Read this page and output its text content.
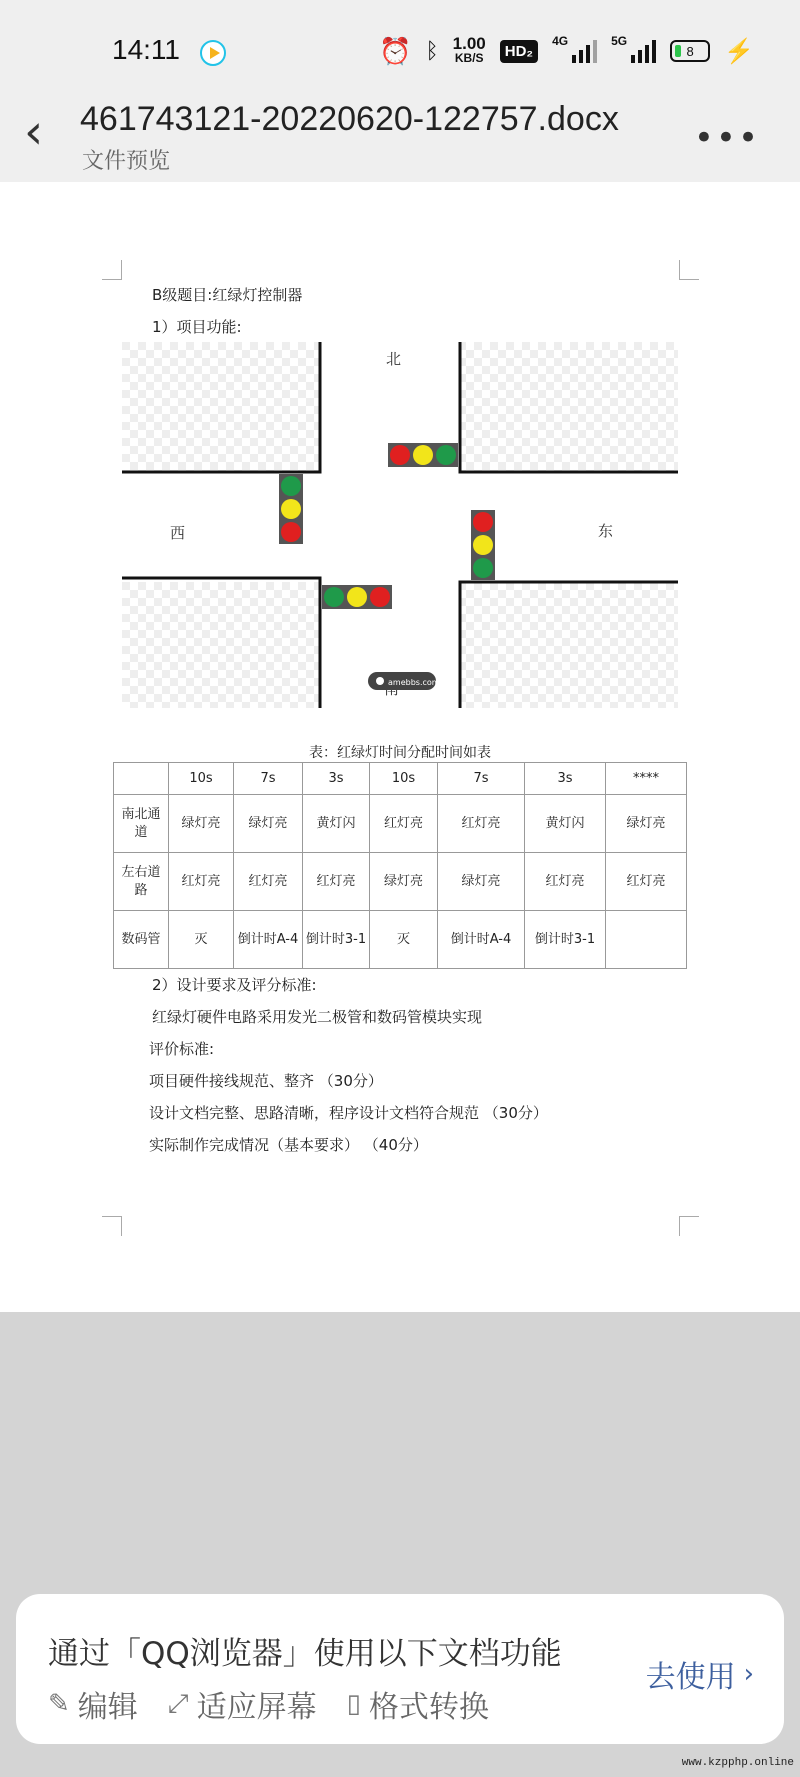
14:11	⏰ ᛒ 1.00
KB/S	HD₂
4G	5G
8 ⚡
‹	461743121-20220620-122757.docx
文件预览
•••
B级题目:红绿灯控制器
1）项目功能:
北
西	东
amebbs.com
表：红绿灯时间分配时间如表
	10s	7s	3s	10s	7s	3s	****
南北通道	绿灯亮	绿灯亮	黄灯闪	红灯亮	红灯亮	黄灯闪	绿灯亮
左右道路	红灯亮	红灯亮	红灯亮	绿灯亮	绿灯亮	红灯亮	红灯亮
数码管	灭	倒计时A-4	倒计时3-1	灭	倒计时A-4	倒计时3-1	
2）设计要求及评分标准:
红绿灯硬件电路采用发光二极管和数码管模块实现
评价标准:
项目硬件接线规范、整齐 （30分）
设计文档完整、思路清晰，程序设计文档符合规范 （30分）
实际制作完成情况（基本要求） （40分）
通过「QQ浏览器」使用以下文档功能
✎ 编辑 ⤢ 适应屏幕 ▯ 格式转换
去使用 ›
www.kzpphp.online
